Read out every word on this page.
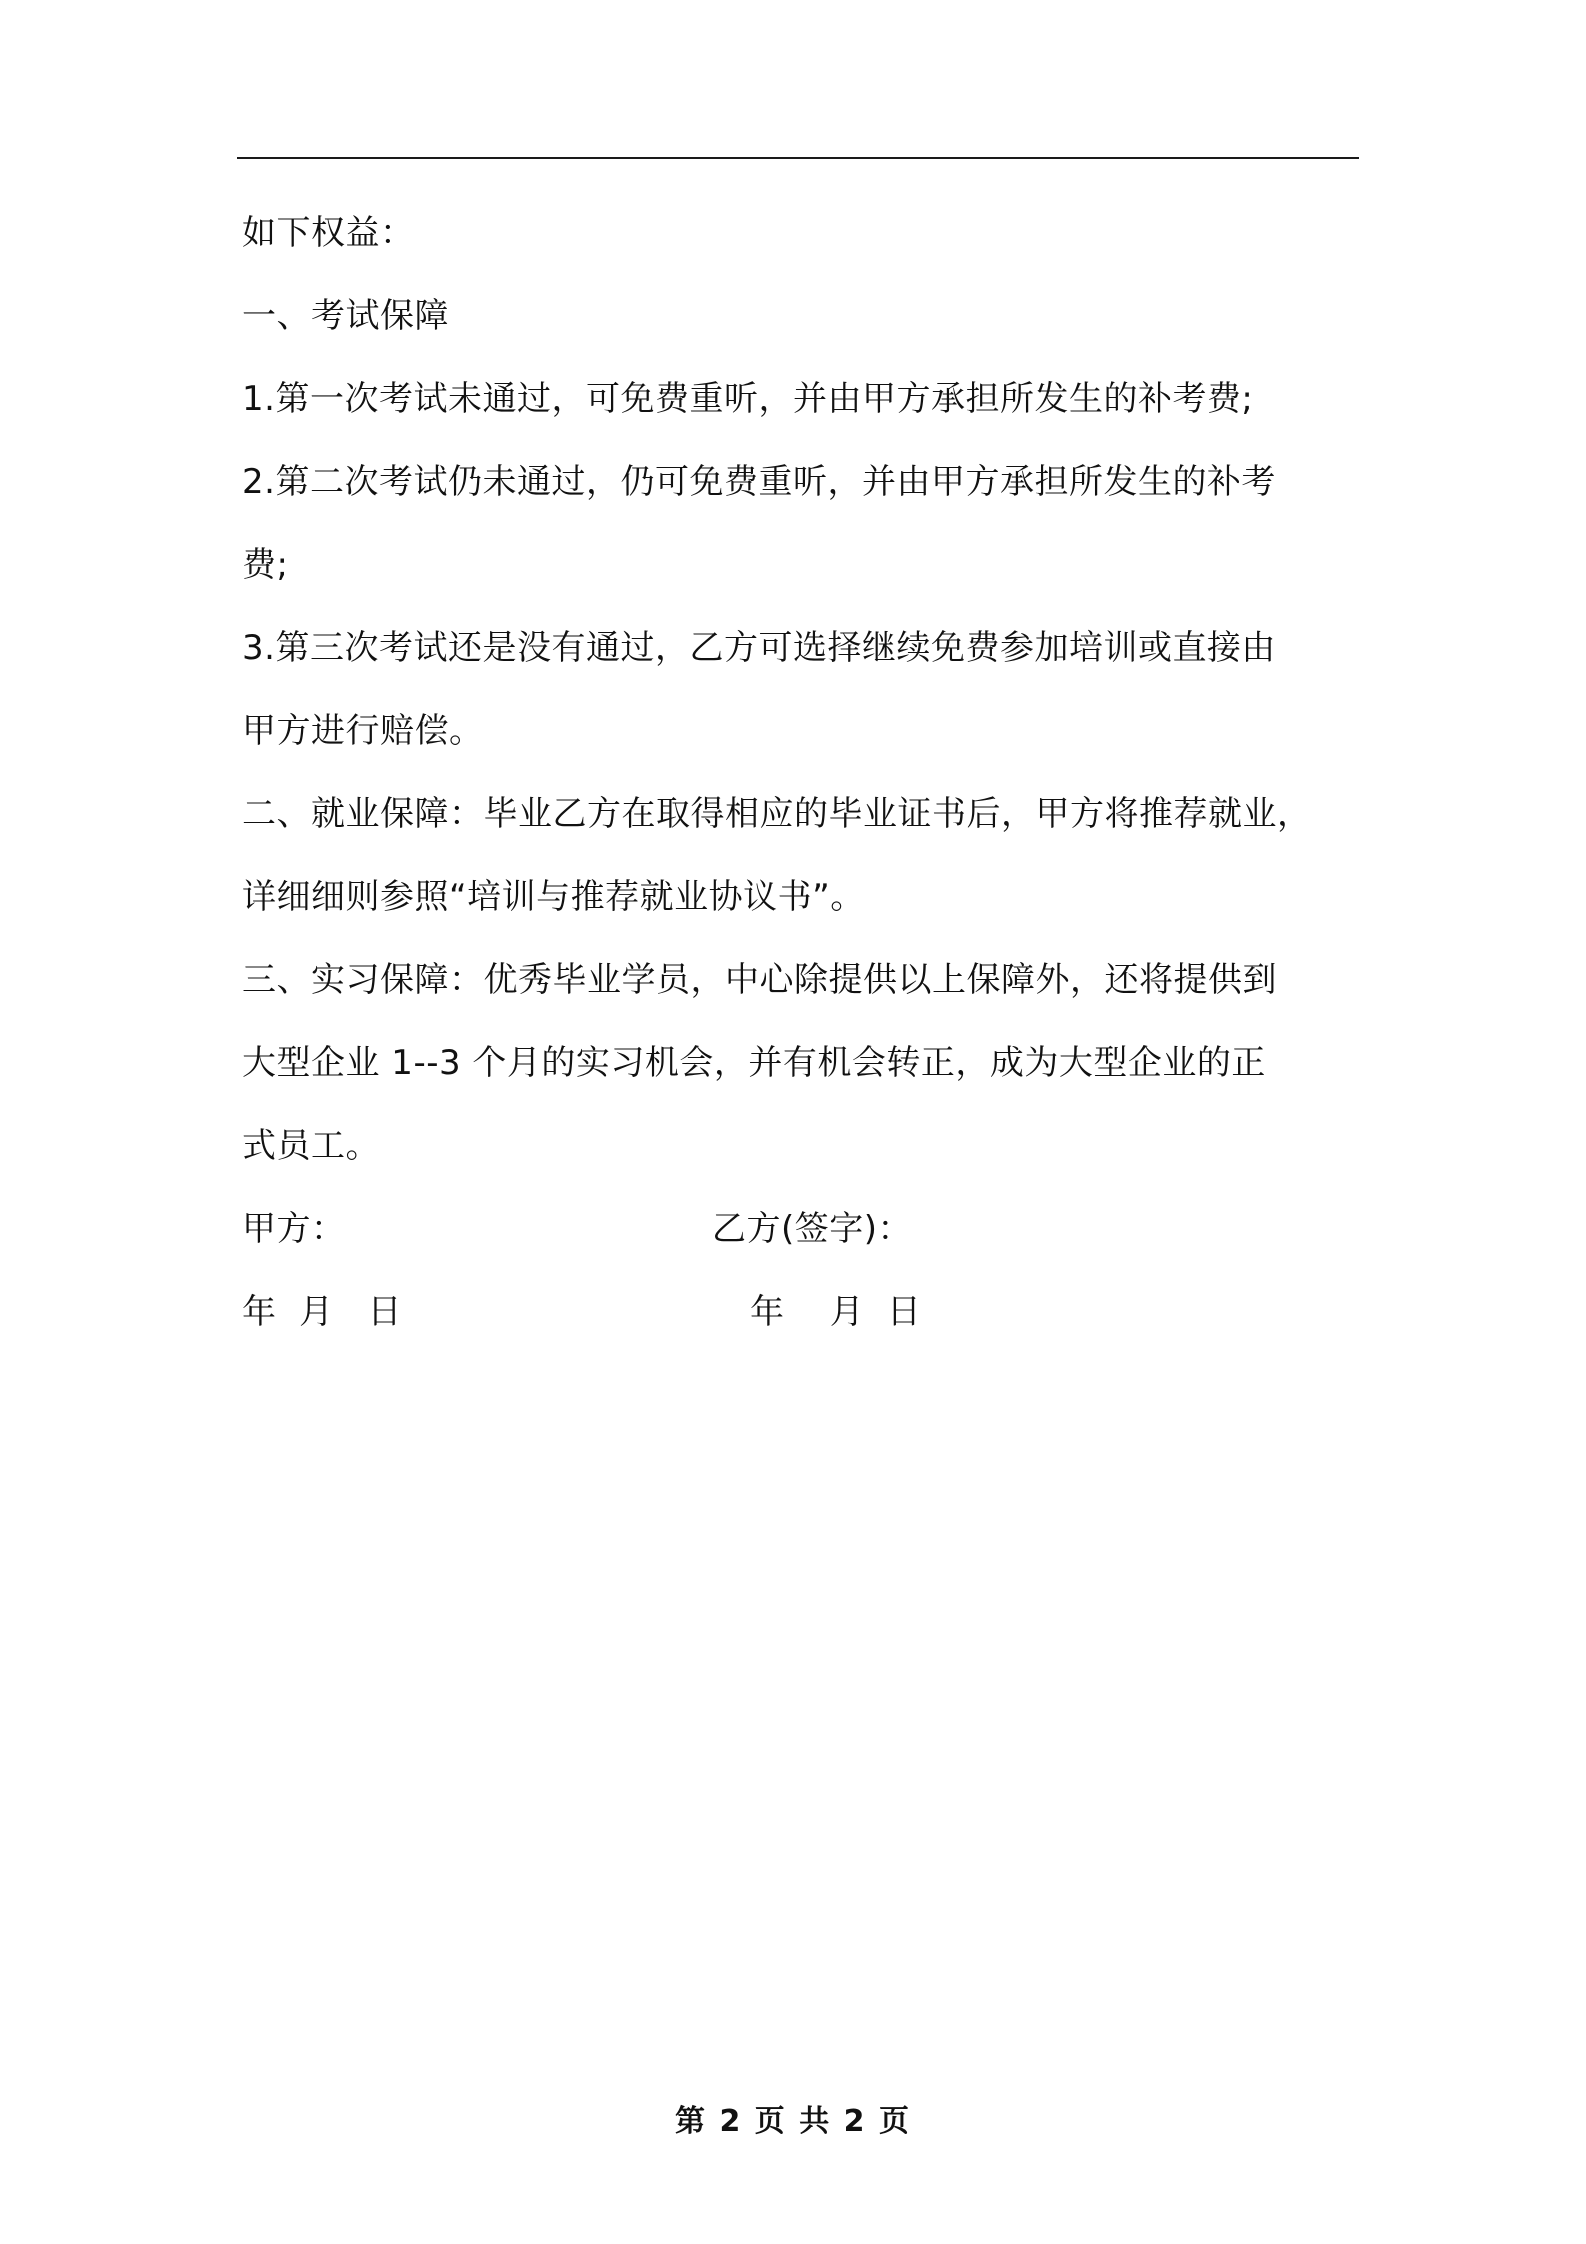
如下权益：
一、考试保障
1.第一次考试未通过，可免费重听，并由甲方承担所发生的补考费;
2.第二次考试仍未通过，仍可免费重听，并由甲方承担所发生的补考
费;
3.第三次考试还是没有通过，乙方可选择继续免费参加培训或直接由
甲方进行赔偿。
二、就业保障：毕业乙方在取得相应的毕业证书后，甲方将推荐就业，
详细细则参照“培训与推荐就业协议书”。
三、实习保障：优秀毕业学员，中心除提供以上保障外，还将提供到
大型企业 1--3 个月的实习机会，并有机会转正，成为大型企业的正
式员工。
甲方：	乙方(签字)：
年  月   日	年    月  日
第 2 页 共 2 页
